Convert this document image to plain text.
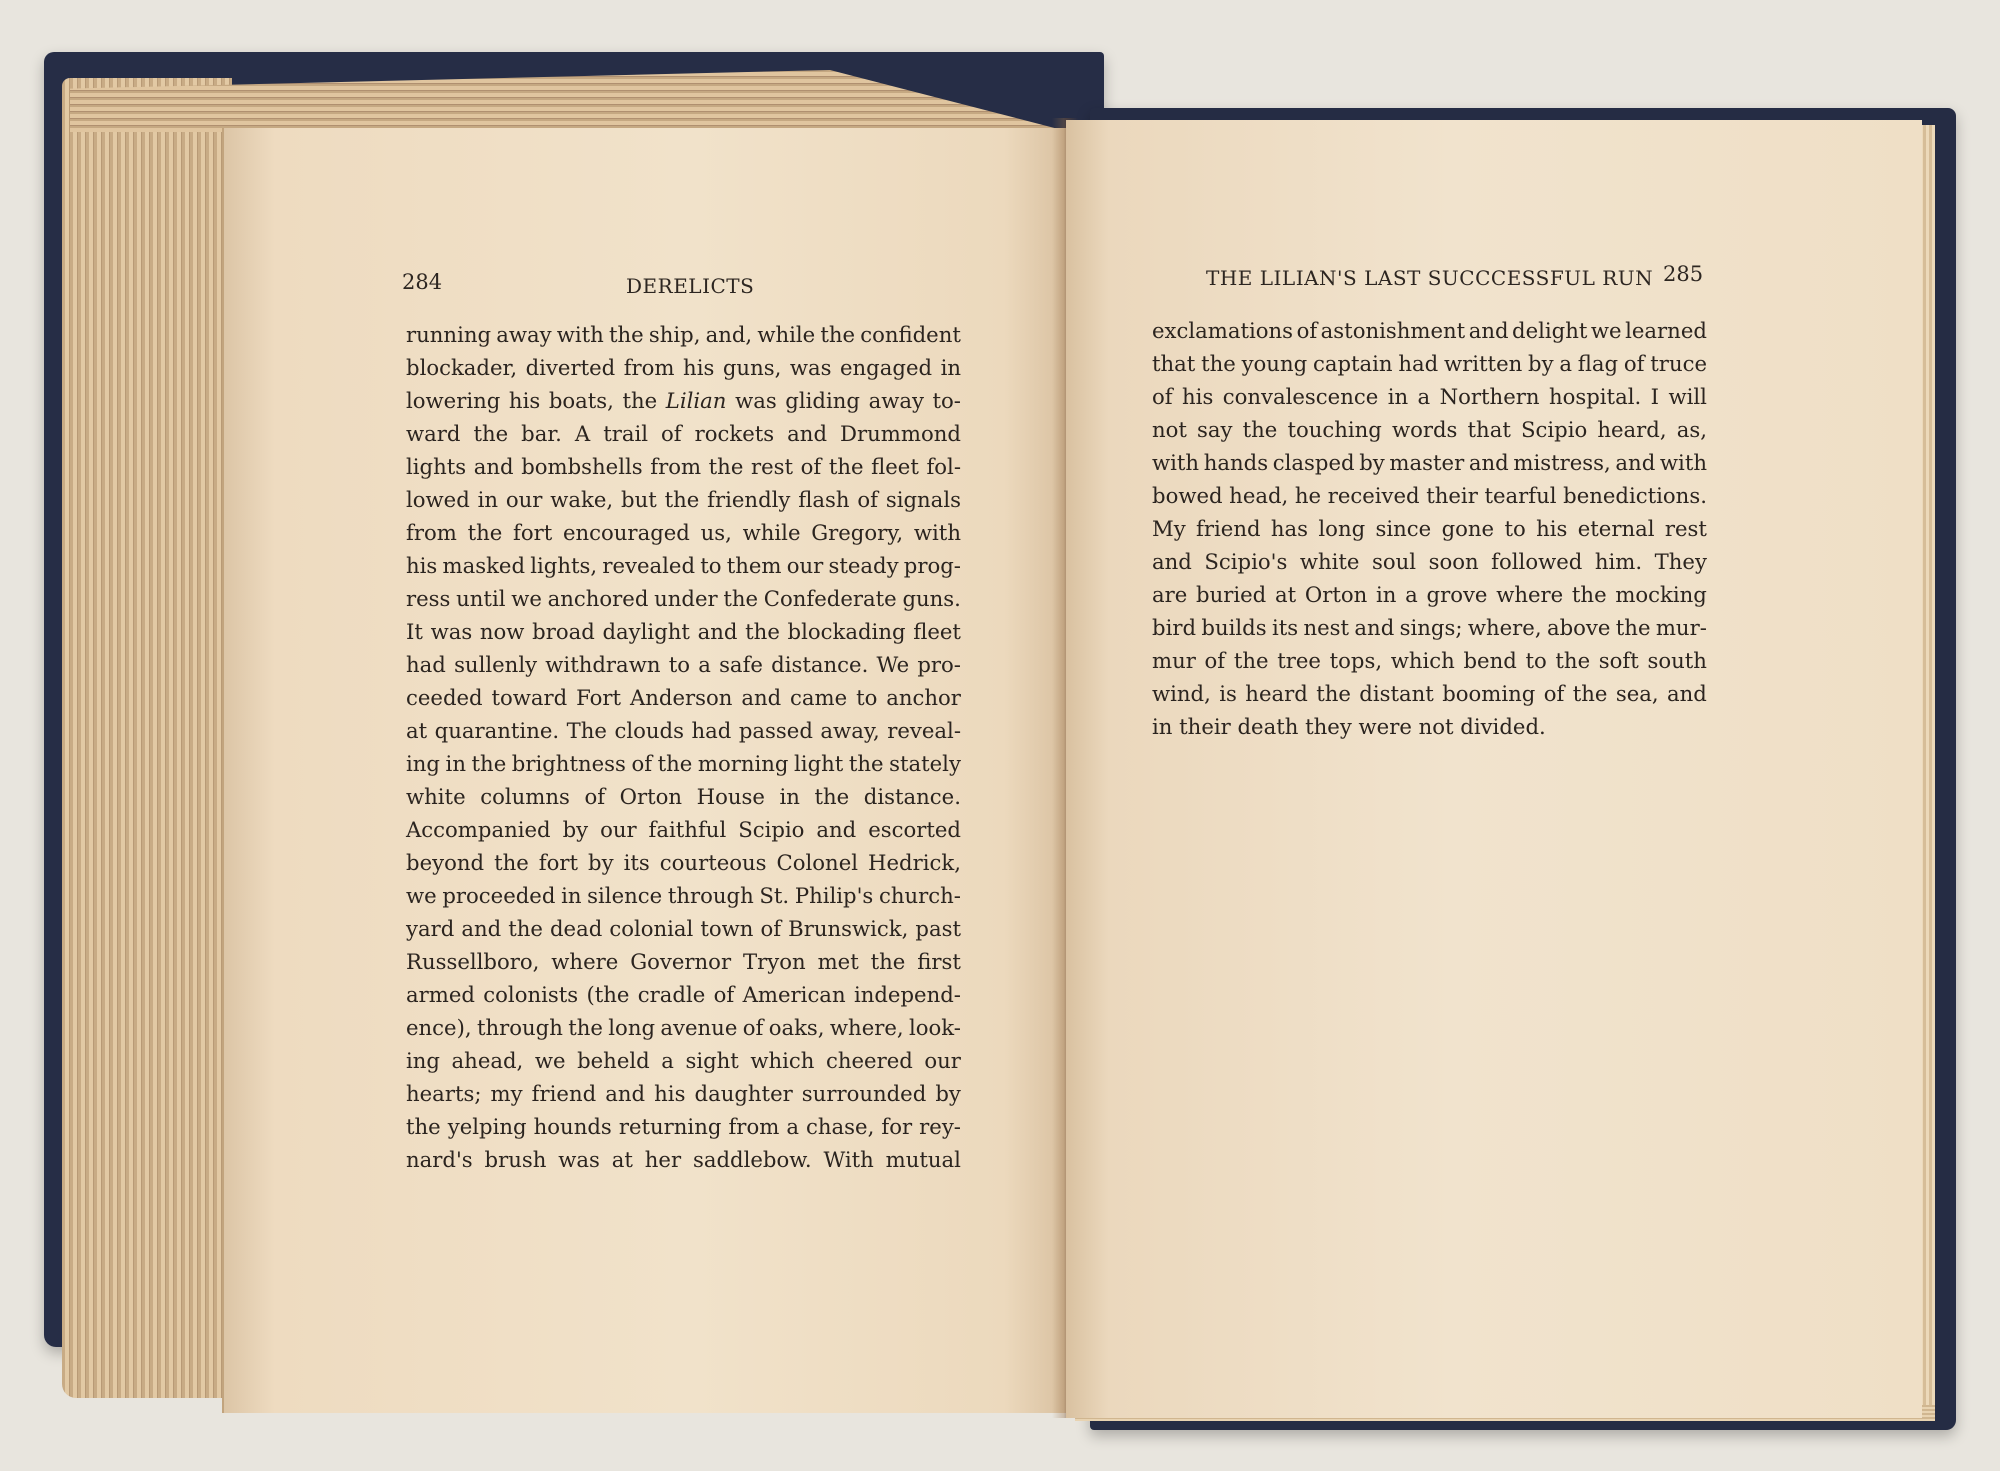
284	DERELICTS
running away with the ship, and, while the confident
blockader, diverted from his guns, was engaged in
lowering his boats, the Lilian was gliding away to-
ward the bar. A trail of rockets and Drummond
lights and bombshells from the rest of the fleet fol-
lowed in our wake, but the friendly flash of signals
from the fort encouraged us, while Gregory, with
his masked lights, revealed to them our steady prog-
ress until we anchored under the Confederate guns.
It was now broad daylight and the blockading fleet
had sullenly withdrawn to a safe distance. We pro-
ceeded toward Fort Anderson and came to anchor
at quarantine. The clouds had passed away, reveal-
ing in the brightness of the morning light the stately
white columns of Orton House in the distance.
Accompanied by our faithful Scipio and escorted
beyond the fort by its courteous Colonel Hedrick,
we proceeded in silence through St. Philip's church-
yard and the dead colonial town of Brunswick, past
Russellboro, where Governor Tryon met the first
armed colonists (the cradle of American independ-
ence), through the long avenue of oaks, where, look-
ing ahead, we beheld a sight which cheered our
hearts; my friend and his daughter surrounded by
the yelping hounds returning from a chase, for rey-
nard's brush was at her saddlebow. With mutual
THE LILIAN'S LAST SUCCCESSFUL RUN 285
exclamations of astonishment and delight we learned
that the young captain had written by a flag of truce
of his convalescence in a Northern hospital. I will
not say the touching words that Scipio heard, as,
with hands clasped by master and mistress, and with
bowed head, he received their tearful benedictions.
My friend has long since gone to his eternal rest
and Scipio's white soul soon followed him. They
are buried at Orton in a grove where the mocking
bird builds its nest and sings; where, above the mur-
mur of the tree tops, which bend to the soft south
wind, is heard the distant booming of the sea, and
in their death they were not divided.
